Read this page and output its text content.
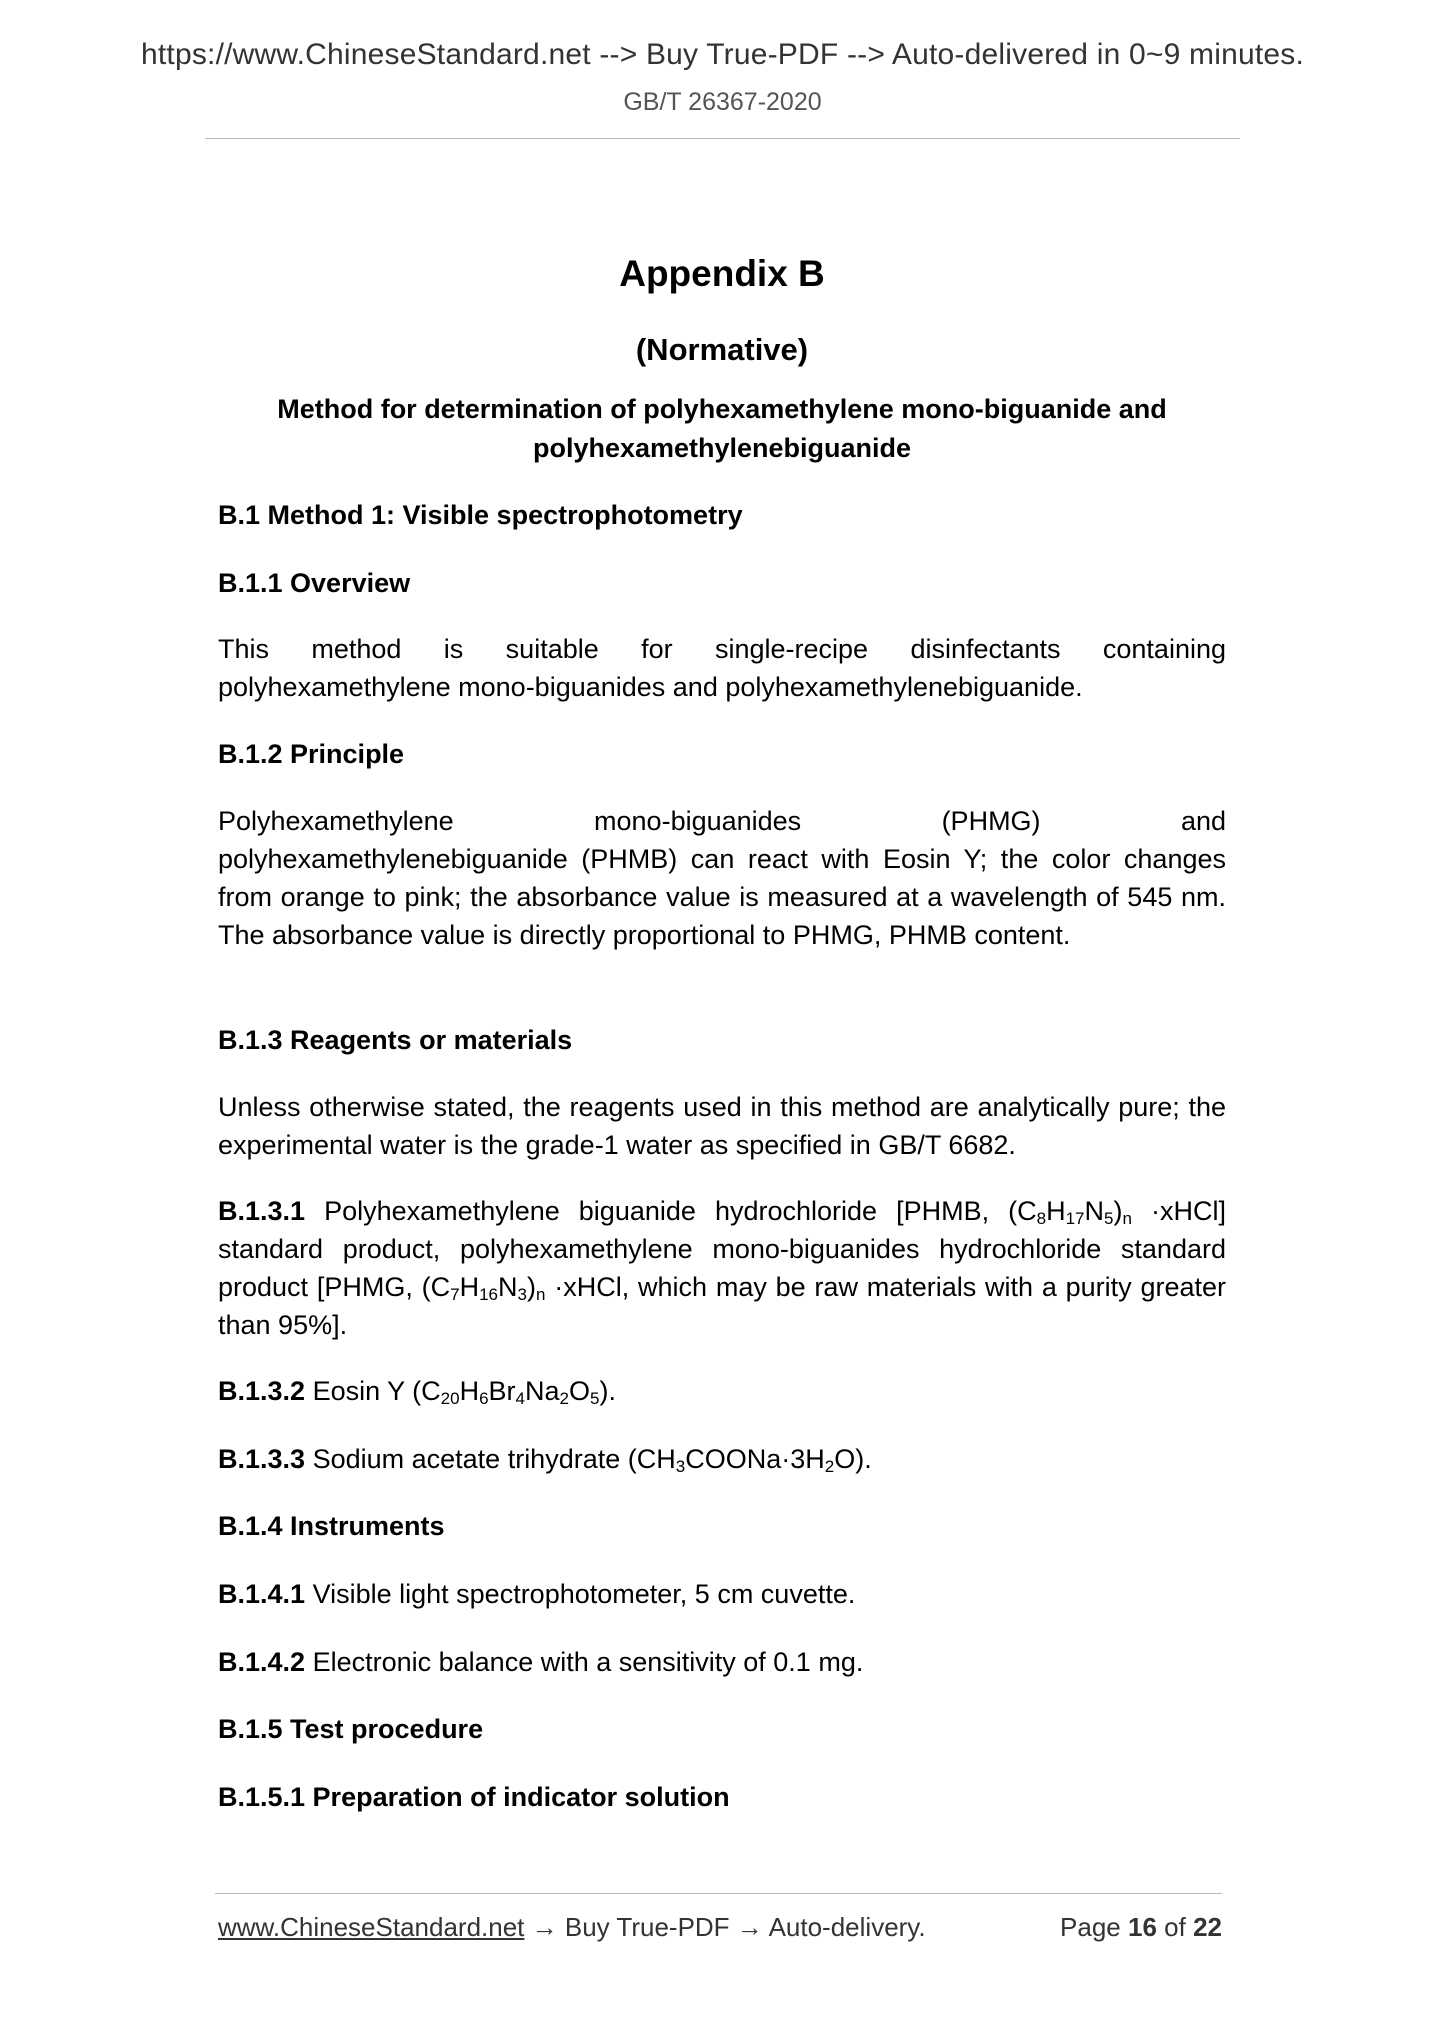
https://www.ChineseStandard.net --> Buy True-PDF --> Auto-delivered in 0~9 minutes.
GB/T 26367-2020
Appendix B
(Normative)
Method for determination of polyhexamethylene mono-biguanide and
polyhexamethylenebiguanide
B.1 Method 1: Visible spectrophotometry
B.1.1 Overview
This method is suitable for single-recipe disinfectants containing
polyhexamethylene mono-biguanides and polyhexamethylenebiguanide.
B.1.2 Principle
Polyhexamethylene mono-biguanides (PHMG) and
polyhexamethylenebiguanide (PHMB) can react with Eosin Y; the color changes from orange to pink; the absorbance value is measured at a wavelength of 545 nm. The absorbance value is directly proportional to PHMG, PHMB content.
B.1.3 Reagents or materials
Unless otherwise stated, the reagents used in this method are analytically pure; the experimental water is the grade-1 water as specified in GB/T 6682.
B.1.3.1 Polyhexamethylene biguanide hydrochloride [PHMB, $(C_8H_{17}N_5)_n$ ·xHCl] standard product, polyhexamethylene mono-biguanides hydrochloride standard product [PHMG, $(C_7H_{16}N_3)_n$ ·xHCl, which may be raw materials with a purity greater than 95%].
B.1.3.2 Eosin Y $(C_{20}H_6Br_4Na_2O_5)$.
B.1.3.3 Sodium acetate trihydrate $(CH_3COONa\cdot 3H_2O)$.
B.1.4 Instruments
B.1.4.1 Visible light spectrophotometer, 5 cm cuvette.
B.1.4.2 Electronic balance with a sensitivity of 0.1 mg.
B.1.5 Test procedure
B.1.5.1 Preparation of indicator solution
www.ChineseStandard.net → Buy True-PDF → Auto-delivery.	Page 16 of 22
